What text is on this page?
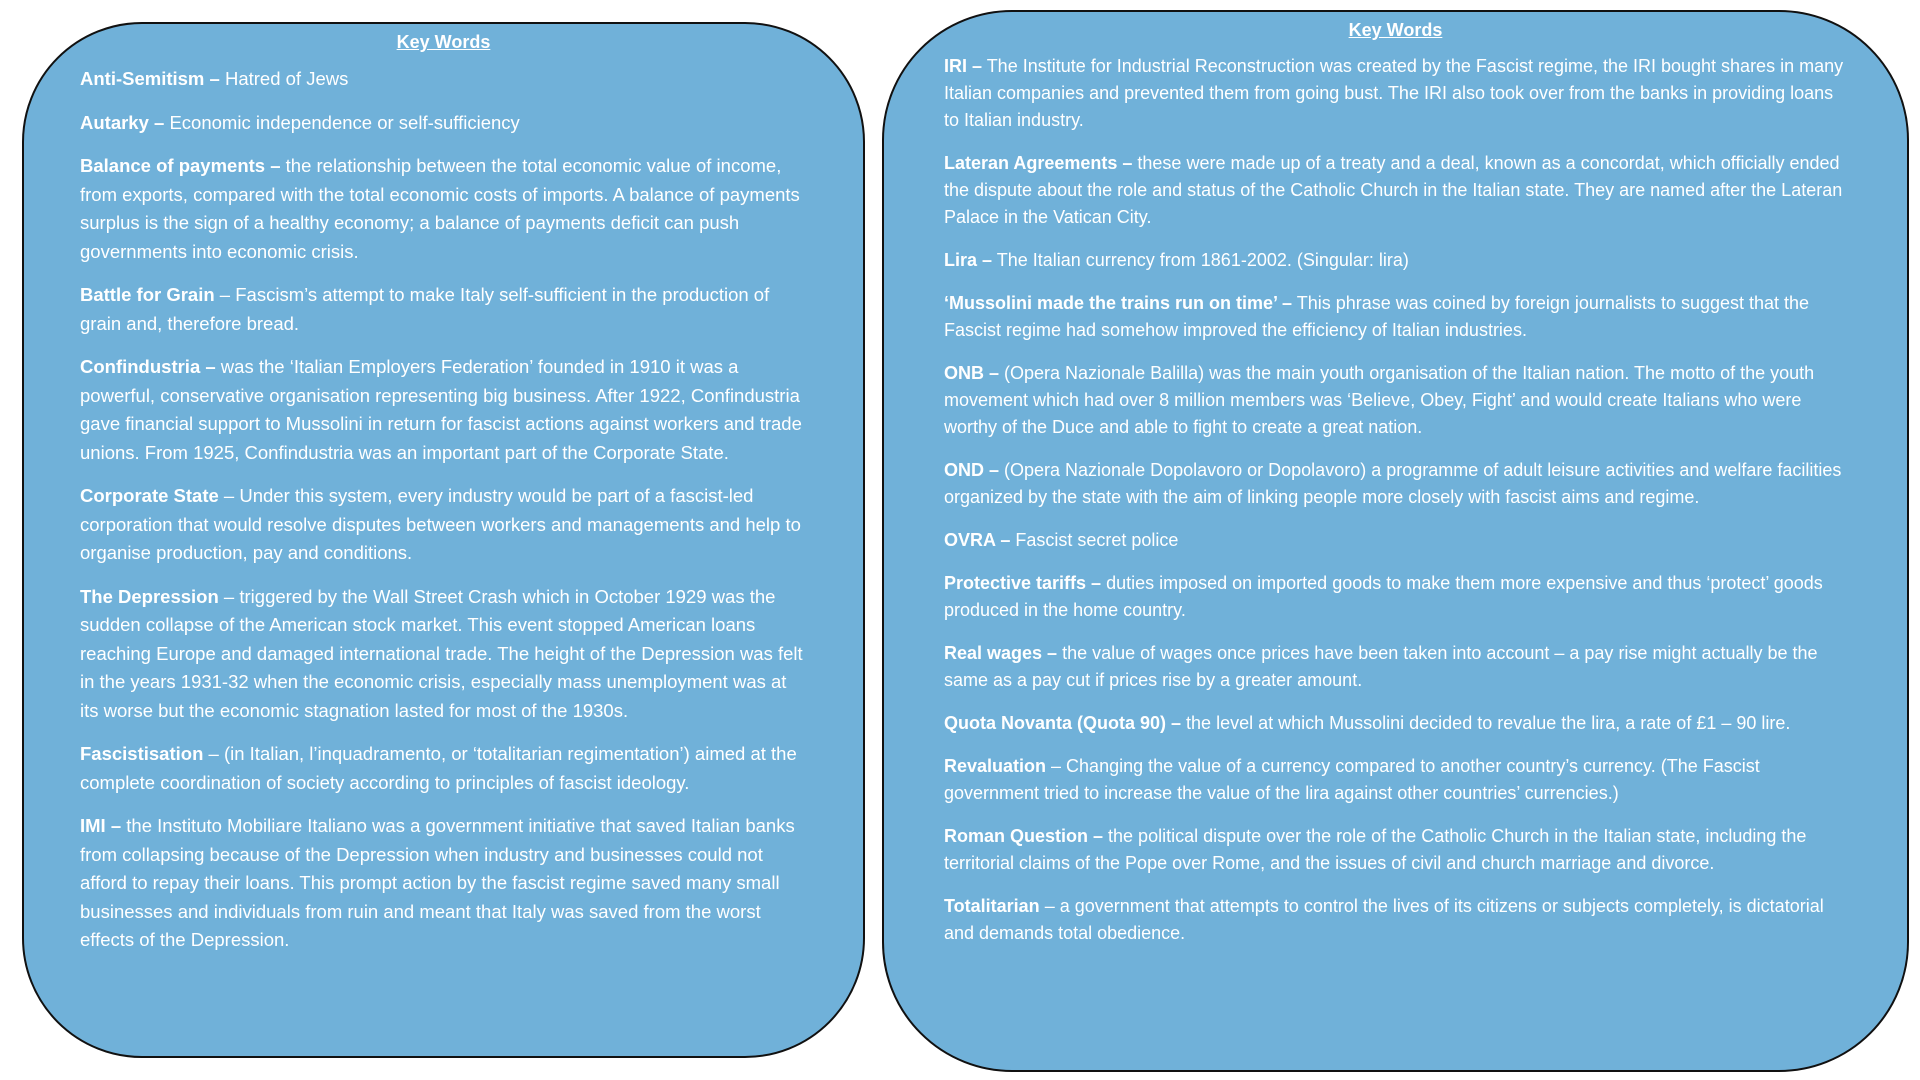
Key Words

Anti-Semitism – Hatred of Jews

Autarky – Economic independence or self-sufficiency

Balance of payments – the relationship between the total economic value of income, from exports, compared with the total economic costs of imports. A balance of payments surplus is the sign of a healthy economy; a balance of payments deficit can push governments into economic crisis.

Battle for Grain – Fascism’s attempt to make Italy self-sufficient in the production of grain and, therefore bread.

Confindustria – was the ‘Italian Employers Federation’ founded in 1910 it was a powerful, conservative organisation representing big business. After 1922, Confindustria gave financial support to Mussolini in return for fascist actions against workers and trade unions. From 1925, Confindustria was an important part of the Corporate State.

Corporate State – Under this system, every industry would be part of a fascist-led corporation that would resolve disputes between workers and managements and help to organise production, pay and conditions.

The Depression – triggered by the Wall Street Crash which in October 1929 was the sudden collapse of the American stock market. This event stopped American loans reaching Europe and damaged international trade. The height of the Depression was felt in the years 1931-32 when the economic crisis, especially mass unemployment was at its worse but the economic stagnation lasted for most of the 1930s.

Fascistisation – (in Italian, l’inquadramento, or ‘totalitarian regimentation’) aimed at the complete coordination of society according to principles of fascist ideology.

IMI – the Instituto Mobiliare Italiano was a government initiative that saved Italian banks from collapsing because of the Depression when industry and businesses could not afford to repay their loans. This prompt action by the fascist regime saved many small businesses and individuals from ruin and meant that Italy was saved from the worst effects of the Depression.

Key Words

IRI – The Institute for Industrial Reconstruction was created by the Fascist regime, the IRI bought shares in many Italian companies and prevented them from going bust. The IRI also took over from the banks in providing loans to Italian industry.

Lateran Agreements – these were made up of a treaty and a deal, known as a concordat, which officially ended the dispute about the role and status of the Catholic Church in the Italian state. They are named after the Lateran Palace in the Vatican City.

Lira – The Italian currency from 1861-2002. (Singular: lira)

‘Mussolini made the trains run on time’ – This phrase was coined by foreign journalists to suggest that the Fascist regime had somehow improved the efficiency of Italian industries.

ONB – (Opera Nazionale Balilla) was the main youth organisation of the Italian nation. The motto of the youth movement which had over 8 million members was ‘Believe, Obey, Fight’ and would create Italians who were worthy of the Duce and able to fight to create a great nation.

OND – (Opera Nazionale Dopolavoro or Dopolavoro) a programme of adult leisure activities and welfare facilities organized by the state with the aim of linking people more closely with fascist aims and regime.

OVRA – Fascist secret police

Protective tariffs – duties imposed on imported goods to make them more expensive and thus ‘protect’ goods produced in the home country.

Real wages – the value of wages once prices have been taken into account – a pay rise might actually be the same as a pay cut if prices rise by a greater amount.

Quota Novanta (Quota 90) – the level at which Mussolini decided to revalue the lira, a rate of £1 – 90 lire.

Revaluation – Changing the value of a currency compared to another country’s currency. (The Fascist government tried to increase the value of the lira against other countries’ currencies.)

Roman Question – the political dispute over the role of the Catholic Church in the Italian state, including the territorial claims of the Pope over Rome, and the issues of civil and church marriage and divorce.

Totalitarian – a government that attempts to control the lives of its citizens or subjects completely, is dictatorial and demands total obedience.
